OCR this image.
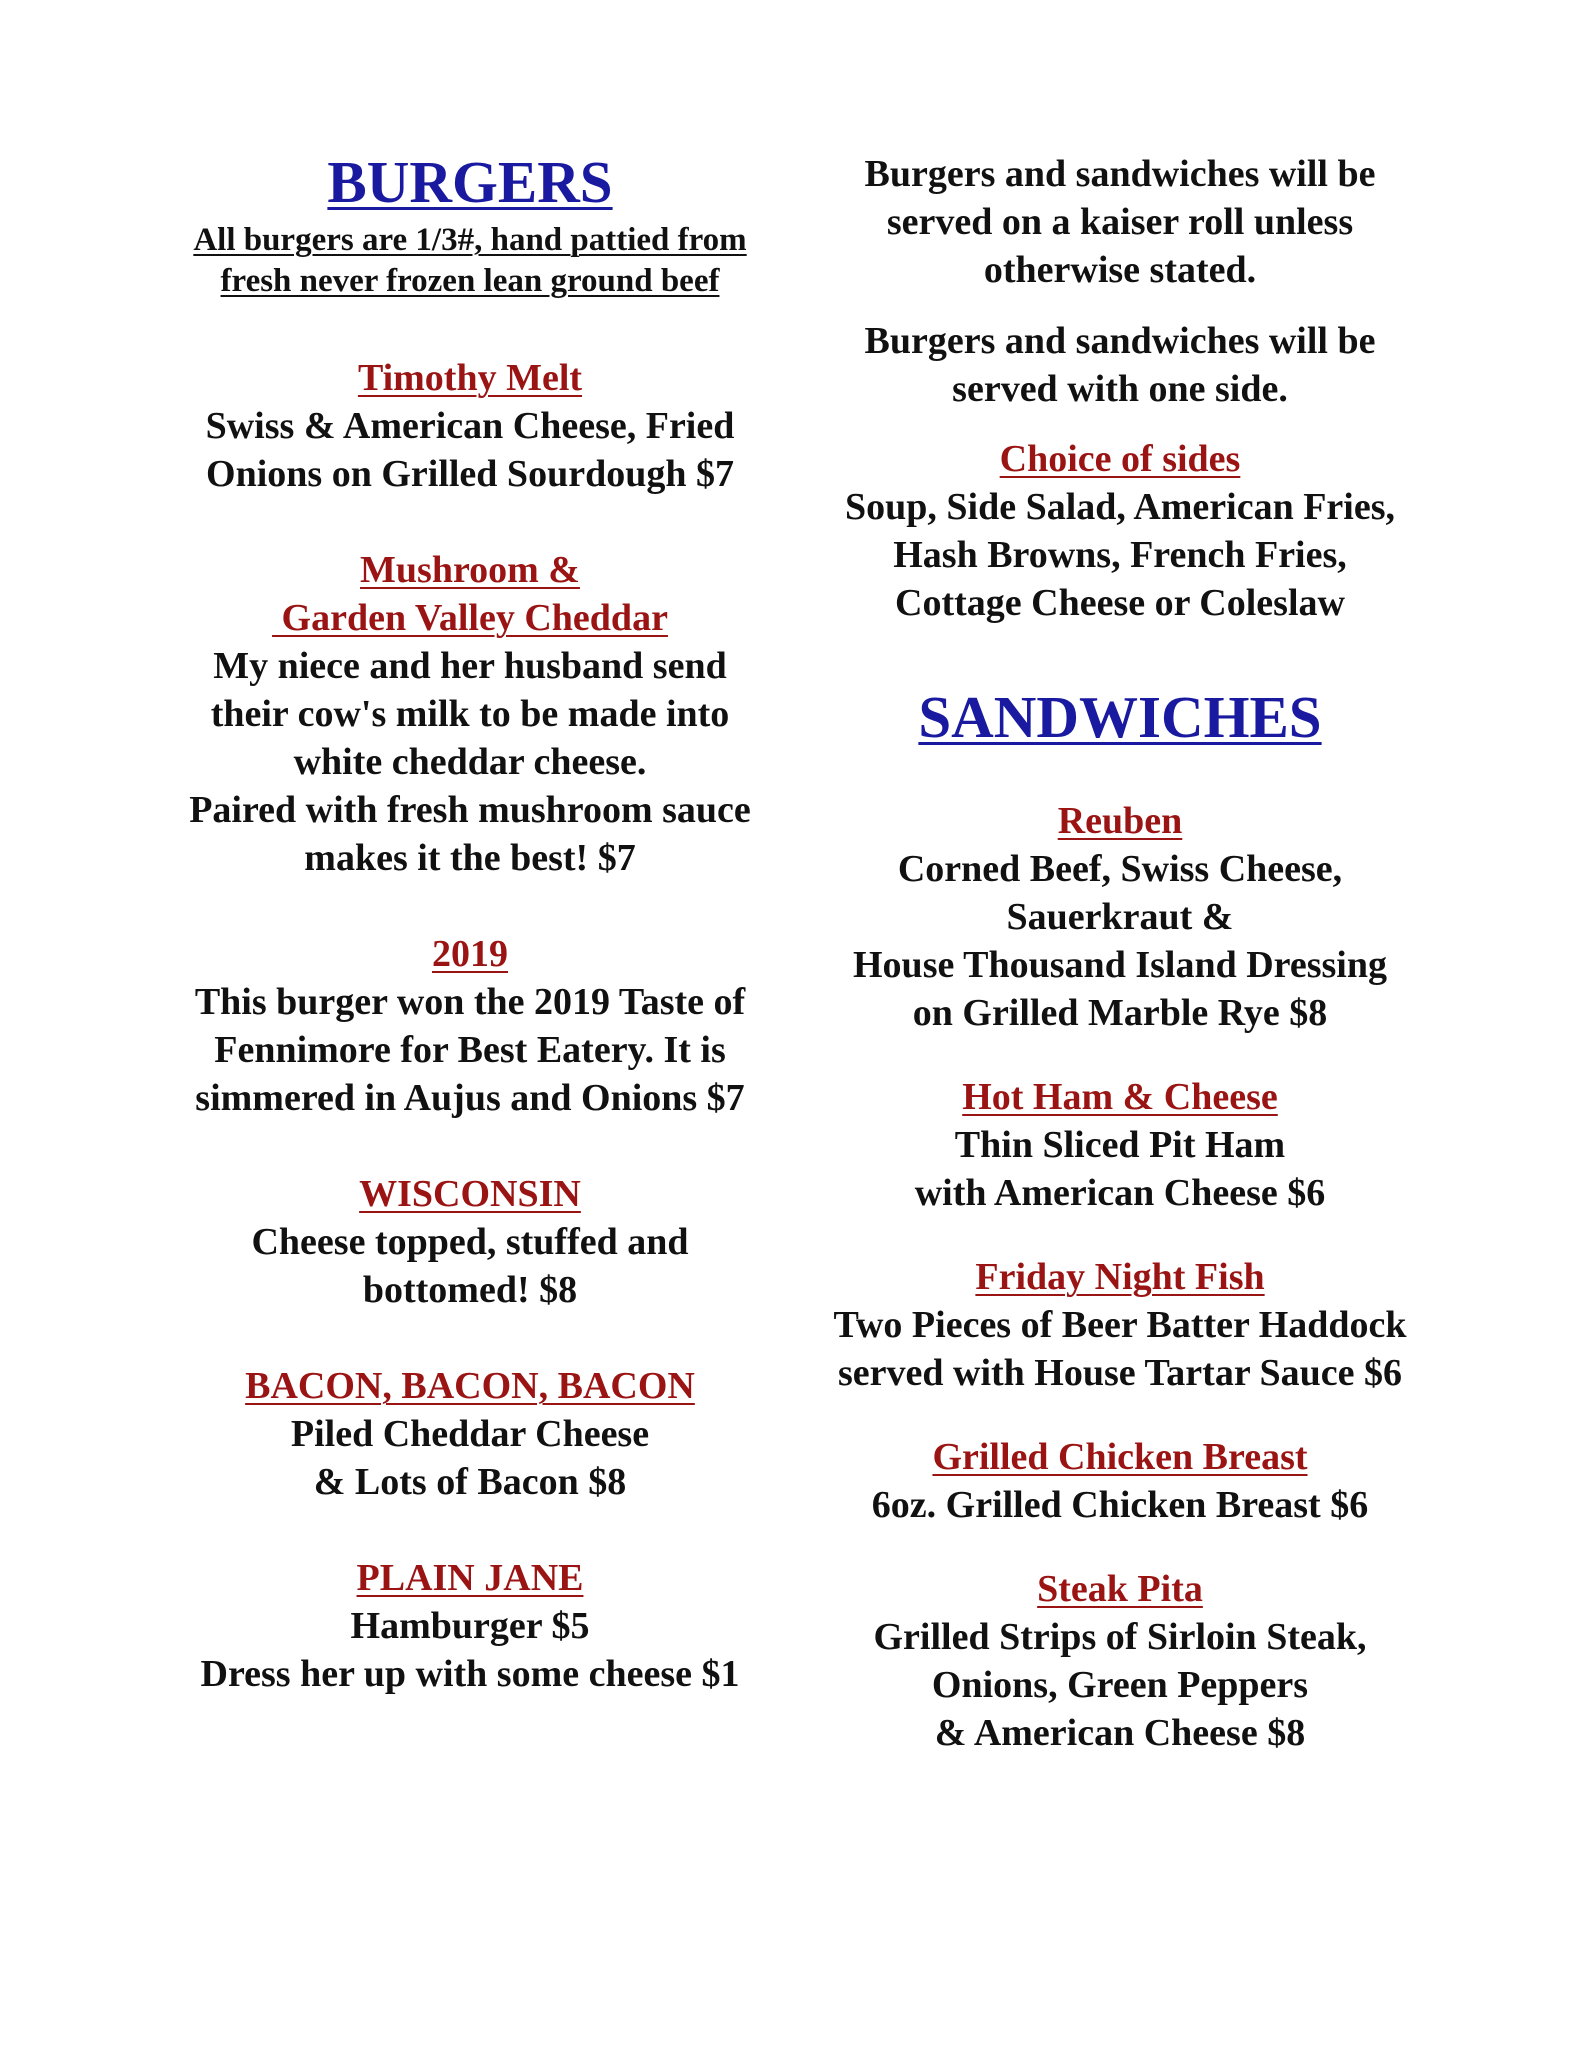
BURGERS
All burgers are 1/3#, hand pattied from
fresh never frozen lean ground beef
Timothy Melt
Swiss & American Cheese, Fried
Onions on Grilled Sourdough $7
Mushroom &
Garden Valley Cheddar
My niece and her husband send
their cow's milk to be made into
white cheddar cheese.
Paired with fresh mushroom sauce
makes it the best! $7
2019
This burger won the 2019 Taste of
Fennimore for Best Eatery. It is
simmered in Aujus and Onions $7
WISCONSIN
Cheese topped, stuffed and
bottomed! $8
BACON, BACON, BACON
Piled Cheddar Cheese
& Lots of Bacon $8
PLAIN JANE
Hamburger $5
Dress her up with some cheese $1
Burgers and sandwiches will be
served on a kaiser roll unless
otherwise stated.
Burgers and sandwiches will be
served with one side.
Choice of sides
Soup, Side Salad, American Fries,
Hash Browns, French Fries,
Cottage Cheese or Coleslaw
SANDWICHES
Reuben
Corned Beef, Swiss Cheese,
Sauerkraut &
House Thousand Island Dressing
on Grilled Marble Rye $8
Hot Ham & Cheese
Thin Sliced Pit Ham
with American Cheese $6
Friday Night Fish
Two Pieces of Beer Batter Haddock
served with House Tartar Sauce $6
Grilled Chicken Breast
6oz. Grilled Chicken Breast $6
Steak Pita
Grilled Strips of Sirloin Steak,
Onions, Green Peppers
& American Cheese $8
